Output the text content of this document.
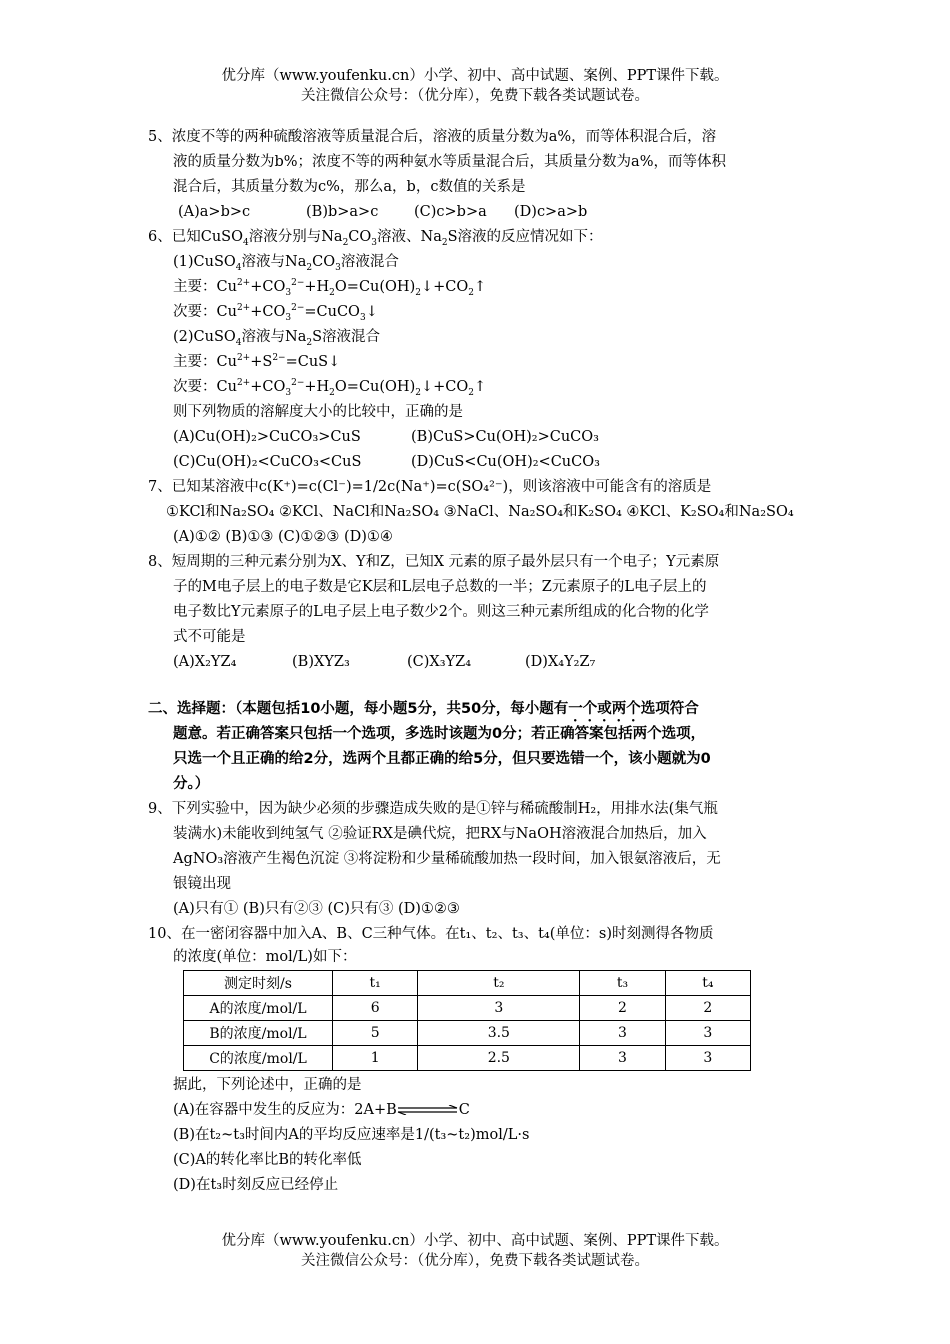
优分库（www.youfenku.cn）小学、初中、高中试题、案例、PPT课件下载。
关注微信公众号：（优分库），免费下载各类试题试卷。
5、浓度不等的两种硫酸溶液等质量混合后，溶液的质量分数为a%，而等体积混合后，溶
液的质量分数为b%；浓度不等的两种氨水等质量混合后，其质量分数为a%，而等体积
混合后，其质量分数为c%，那么a，b，c数值的关系是
(A)a>b>c	(B)b>a>c (C)c>b>a (D)c>a>b
6、已知CuSO$_4$溶液分别与$Na_2CO_3$溶液、$Na_2S$溶液的反应情况如下：
(1)CuSO$_4$溶液与$Na_2CO_3$溶液混合
主要：$Cu^{2+}+CO_3^{2-}+H_2O=Cu(OH)_2↓+CO_2↑$
次要：$Cu^{2+}+CO_3^{2-}=CuCO_3↓$
(2)CuSO$_4$溶液与$Na_2S$溶液混合
主要：$Cu^{2+}+S^{2-}=CuS↓$
次要：$Cu^{2+}+CO_3^{2-}+H_2O=Cu(OH)_2↓+CO_2↑$
则下列物质的溶解度大小的比较中，正确的是
(A)Cu(OH)₂>CuCO₃>CuS	(B)CuS>Cu(OH)₂>CuCO₃
(C)Cu(OH)₂<CuCO₃<CuS	(D)CuS<Cu(OH)₂<CuCO₃
7、已知某溶液中c(K⁺)=c(Cl⁻)=1/2c(Na⁺)=c(SO₄²⁻)，则该溶液中可能含有的溶质是
①KCl和Na₂SO₄ ②KCl、NaCl和Na₂SO₄ ③NaCl、Na₂SO₄和K₂SO₄ ④KCl、K₂SO₄和Na₂SO₄
(A)①② (B)①③ (C)①②③ (D)①④
8、短周期的三种元素分别为X、Y和Z，已知X 元素的原子最外层只有一个电子；Y元素原
子的M电子层上的电子数是它K层和L层电子总数的一半；Z元素原子的L电子层上的
电子数比Y元素原子的L电子层上电子数少2个。则这三种元素所组成的化合物的化学
式不可能是
(A)X₂YZ₄	(B)XYZ₃	(C)X₃YZ₄	(D)X₄Y₂Z₇
二、选择题：（本题包括10小题，每小题5分，共50分，每小题有一个或两个选项符合
题意。若正确答案只包括一个选项，多选时该题为0分；若正确答案包括两个选项，
只选一个且正确的给2分，选两个且都正确的给5分，但只要选错一个，该小题就为0
分。）
9、下列实验中，因为缺少必须的步骤造成失败的是①锌与稀硫酸制H₂，用排水法(集气瓶
装满水)未能收到纯氢气 ②验证RX是碘代烷，把RX与NaOH溶液混合加热后，加入
AgNO₃溶液产生褐色沉淀 ③将淀粉和少量稀硫酸加热一段时间，加入银氨溶液后，无
银镜出现
(A)只有① (B)只有②③ (C)只有③ (D)①②③
10、在一密闭容器中加入A、B、C三种气体。在t₁、t₂、t₃、t₄(单位：s)时刻测得各物质
的浓度(单位：mol/L)如下：
测定时刻/s	t₁	t₂	t₃	t₄
A的浓度/mol/L	6	3	2	2
B的浓度/mol/L	5	3.5	3	3
C的浓度/mol/L	1	2.5	3	3
据此，下列论述中，正确的是
(A)在容器中发生的反应为：2A+B	C
(B)在t₂~t₃时间内A的平均反应速率是1/(t₃~t₂)mol/L·s
(C)A的转化率比B的转化率低
(D)在t₃时刻反应已经停止
优分库（www.youfenku.cn）小学、初中、高中试题、案例、PPT课件下载。
关注微信公众号：（优分库），免费下载各类试题试卷。
